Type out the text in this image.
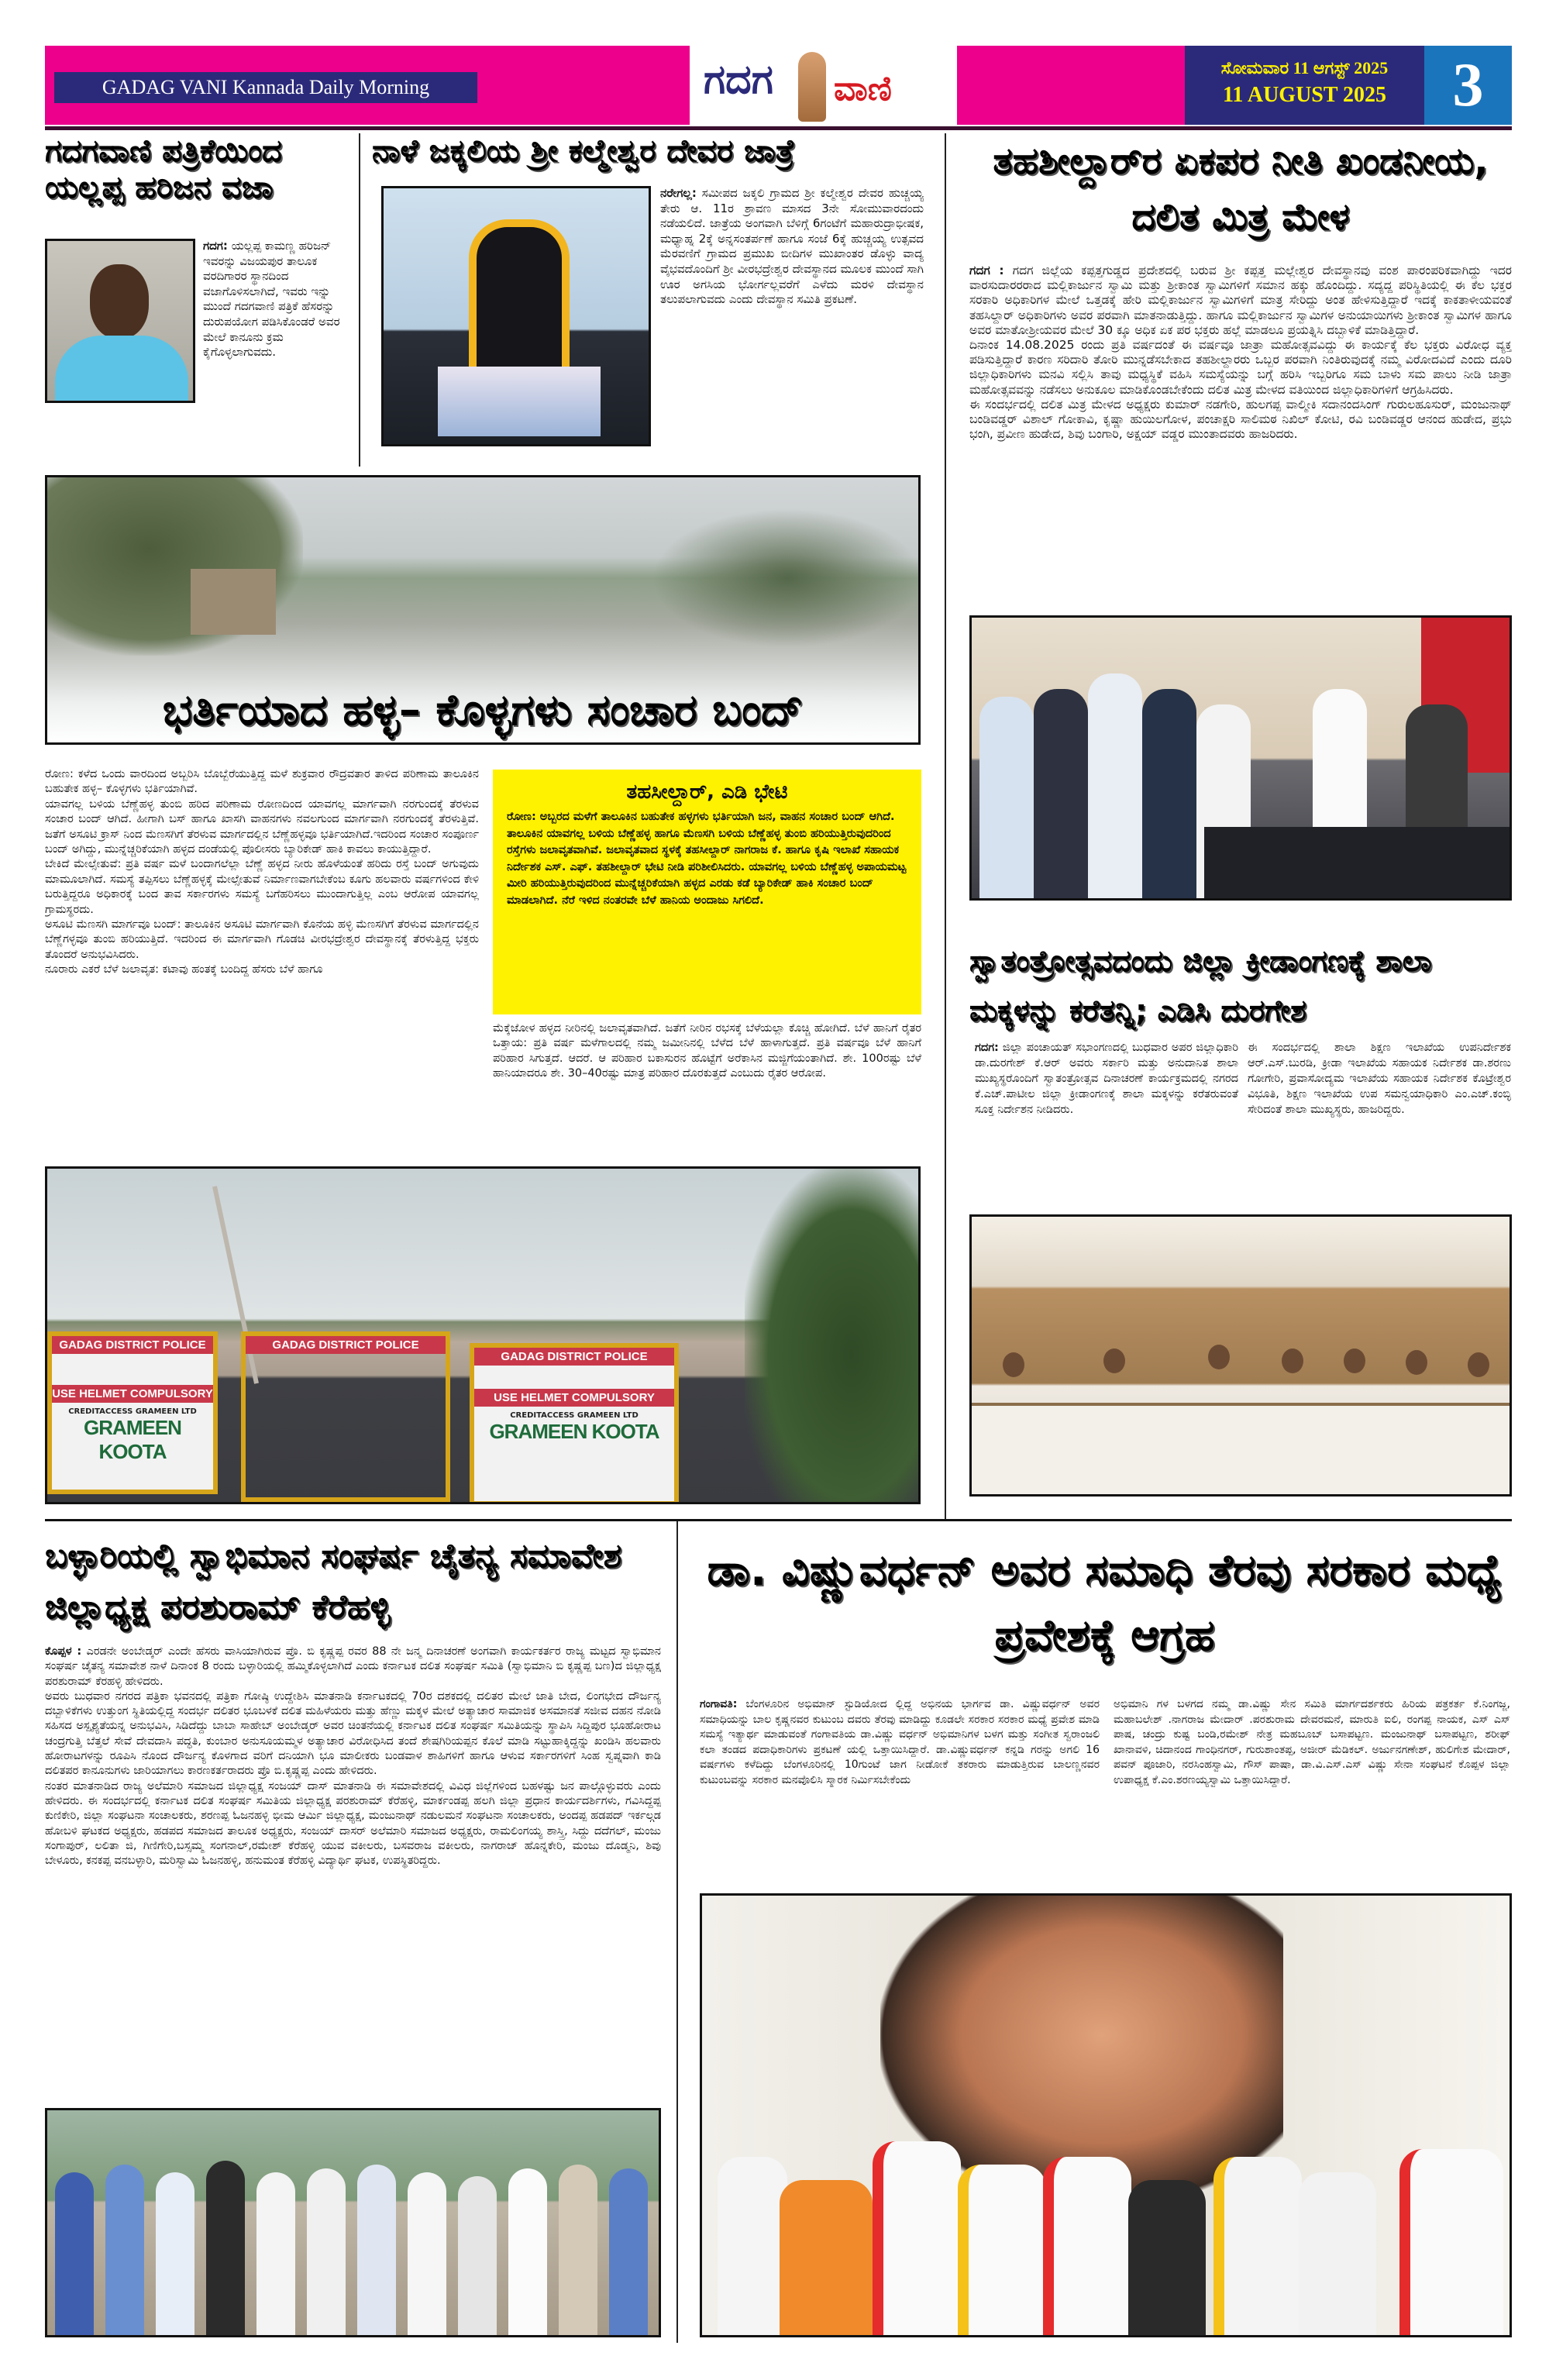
GADAG VANI Kannada Daily Morning	ಗದಗ ವಾಣಿ
ಸೋಮವಾರ 11 ಆಗಸ್ಟ್ 2025
11 AUGUST 2025	3
ಗದಗವಾಣಿ ಪತ್ರಿಕೆಯಿಂದ ಯಲ್ಲಪ್ಪ ಹರಿಜನ ವಜಾ

ಗದಗ: ಯಲ್ಲಪ್ಪ ಕಾಮಣ್ಣ ಹರಿಜನ್ ಇವರನ್ನು ವಿಜಯಪುರ ತಾಲೂಕ ವರದಿಗಾರರ ಸ್ಥಾನದಿಂದ ವಜಾಗೊಳಿಸಲಾಗಿದೆ, ಇವರು ಇನ್ನು ಮುಂದೆ ಗದಗವಾಣಿ ಪತ್ರಿಕೆ ಹೆಸರನ್ನು ದುರುಪಯೋಗ ಪಡಿಸಿಕೊಂಡರೆ ಅವರ ಮೇಲೆ ಕಾನೂನು ಕ್ರಮ ಕೈಗೊಳ್ಳಲಾಗುವದು.

ನಾಳೆ ಜಕ್ಕಲಿಯ ಶ್ರೀ ಕಲ್ಮೇಶ್ವರ ದೇವರ ಜಾತ್ರೆ

ನರೇಗಲ್ಲ: ಸಮೀಪದ ಜಕ್ಕಲಿ ಗ್ರಾಮದ ಶ್ರೀ ಕಲ್ಮೇಶ್ವರ ದೇವರ ಹುಚ್ಚಯ್ಯ ತೇರು ಆ. 11ರ ಶ್ರಾವಣ ಮಾಸದ 3ನೇ ಸೋಮುವಾರದಂದು ನಡೆಯಲಿದೆ. ಜಾತ್ರೆಯ ಅಂಗವಾಗಿ ಬೆಳಿಗ್ಗೆ 6ಗಂಟೆಗೆ ಮಹಾರುದ್ರಾಭೀಷಕ, ಮಧ್ಯಾಹ್ನ 2ಕ್ಕೆ ಅನ್ನಸಂತರ್ಪಣೆ ಹಾಗೂ ಸಂಜೆ 6ಕ್ಕೆ ಹುಚ್ಚಯ್ಯ ಉತ್ಸವದ ಮೆರವಣಿಗೆ ಗ್ರಾಮದ ಪ್ರಮುಖ ಬೀದಿಗಳ ಮುಖಾಂತರ ಡೊಳ್ಳು ವಾದ್ಯ ವೈಭವದೊಂದಿಗೆ ಶ್ರೀ ವೀರಭದ್ರೇಶ್ವರ ದೇವಸ್ಥಾನದ ಮೂಲಕ ಮುಂದೆ ಸಾಗಿ ಊರ ಅಗಸಿಯ ಭೋರ್ಗಲ್ಲವರೆಗೆ ಎಳೆದು ಮರಳಿ ದೇವಸ್ಥಾನ ತಲುಪಲಾಗುವದು ಎಂದು ದೇವಸ್ಥಾನ ಸಮಿತಿ ಪ್ರಕಟಣೆ.

ತಹಶೀಲ್ದಾರ್‌ರ ಏಕಪರ ನೀತಿ ಖಂಡನೀಯ, ದಲಿತ ಮಿತ್ರ ಮೇಳ

ಗದಗ : ಗದಗ ಜಿಲ್ಲೆಯ ಕಪ್ಪತ್ತಗುಡ್ಡದ ಪ್ರದೇಶದಲ್ಲಿ ಬರುವ ಶ್ರೀ ಕಪ್ಪತ್ತ ಮಲ್ಲೇಶ್ವರ ದೇವಸ್ಥಾನವು ವಂಶ ಪಾರಂಪರಿಕವಾಗಿದ್ದು ಇದರ ವಾರಸುದಾರರರಾದ ಮಲ್ಲಿಕಾರ್ಜುನ ಸ್ವಾಮಿ ಮತ್ತು ಶ್ರೀಕಾಂತ ಸ್ವಾಮಿಗಳಿಗೆ ಸಮಾನ ಹಕ್ಕು ಹೊಂದಿದ್ದು. ಸದ್ಯದ್ದ ಪರಿಸ್ಥಿತಿಯಲ್ಲಿ ಈ ಕೆಲ ಭಕ್ತರ ಸರಕಾರಿ ಅಧಿಕಾರಿಗಳ ಮೇಲೆ ಒತ್ತಡಕ್ಕೆ ಹೇರಿ ಮಲ್ಲಿಕಾರ್ಜುನ ಸ್ವಾಮಿಗಳಿಗೆ ಮಾತ್ರ ಸೇರಿದ್ದು ಅಂತ ಹೇಳಿಸುತ್ತಿದ್ದಾರೆ ಇದಕ್ಕೆ ಕಾಕತಾಳೀಯವಂತೆ ತಹಸಿಲ್ದಾರ್ ಅಧಿಕಾರಿಗಳು ಅವರ ಪರವಾಗಿ ಮಾತನಾಡುತ್ತಿದ್ದು. ಹಾಗೂ ಮಲ್ಲಿಕಾರ್ಜುನ ಸ್ವಾಮಿಗಳ ಅನುಯಾಯಿಗಳು ಶ್ರೀಕಾಂತ ಸ್ವಾಮಿಗಳ ಹಾಗೂ ಅವರ ಮಾತೋಶ್ರೀಯವರ ಮೇಲೆ 30 ಕ್ಕೂ ಅಧಿಕ ಏಕ ಪರ ಭಕ್ತರು ಹಲ್ಲೆ ಮಾಡಲೂ ಪ್ರಯತ್ನಿಸಿ ದಬ್ಬಾಳಿಕೆ ಮಾಡಿತ್ತಿದ್ದಾರೆ.

ದಿನಾಂಕ 14.08.2025 ರಂದು ಪ್ರತಿ ವರ್ಷದಂತೆ ಈ ವರ್ಷವೂ ಜಾತ್ರಾ ಮಹೋತ್ಸವವಿದ್ದು ಈ ಕಾರ್ಯಕ್ಕೆ ಕೆಲ ಭಕ್ತರು ವಿರೋಧ ವ್ಯಕ್ತ ಪಡಿಸುತ್ತಿದ್ದಾರೆ ಕಾರಣ ಸರಿದಾರಿ ತೋರಿ ಮುನ್ನಡೆಸಬೇಕಾದ ತಹಶೀಲ್ದಾರರು ಒಬ್ಬರ ಪರವಾಗಿ ನಿಂತಿರುವುದಕ್ಕೆ ನಮ್ಮ ವಿರೋದವಿದೆ ಎಂದು ದೂರಿ ಜಿಲ್ಲಾಧಿಕಾರಿಗಳು ಮನವಿ ಸಲ್ಲಿಸಿ ತಾವು ಮಧ್ಯಸ್ಥಿಕೆ ವಹಿಸಿ ಸಮಸ್ಯೆಯನ್ನು ಬಗ್ಗೆ ಹರಿಸಿ ಇಬ್ಬರಿಗೂ ಸಮ ಬಾಳು ಸಮ ಪಾಲು ನೀಡಿ ಜಾತ್ರಾ ಮಹೋತ್ಸವವನ್ನು ನಡೆಸಲು ಅನುಕೂಲ ಮಾಡಿಕೊಂಡಬೇಕೆಂದು ದಲಿತ ಮಿತ್ರ ಮೇಳದ ವತಿಯಿಂದ ಜಿಲ್ಲಾಧಿಕಾರಿಗಳಿಗೆ ಆಗ್ರಹಿಸಿದರು.

ಈ ಸಂದರ್ಭದಲ್ಲಿ ದಲಿತ ಮಿತ್ರ ಮೇಳದ ಅಧ್ಯಕ್ಷರು ಕುಮಾರ್ ನಡಗೇರಿ, ಹುಲಗಪ್ಪ ವಾಲ್ಮೀಕಿ ಸದಾನಂದಸಿಂಗ್ ಗುರುಲಹೂಸುರ್, ಮಂಜುನಾಥ್ ಬಂಡಿವಡ್ಡರ್ ವಿಶಾಲ್ ಗೋಕಾವಿ, ಕೃಷ್ಣಾ ಹುಯಿಲಗೋಳ, ಪಂಚಾಕ್ಷರಿ ಸಾಲಿಮಠ ನಿಖಿಲ್ ಕೋಟಿ, ರವಿ ಬಂಡಿವಡ್ಡರ ಆನಂದ ಹುಡೇದ, ಪ್ರಭು ಭಂಗಿ, ಪ್ರವೀಣ ಹುಡೇದ, ಶಿವು ಬಂಗಾರಿ, ಅಕ್ಷಯ್ ವಡ್ಡರ ಮುಂತಾದವರು ಹಾಜರಿದರು.

ಭರ್ತಿಯಾದ ಹಳ್ಳ– ಕೊಳ್ಳಗಳು ಸಂಚಾರ ಬಂದ್

ರೋಣ: ಕಳೆದ ಒಂದು ವಾರದಿಂದ ಅಬ್ಬರಿಸಿ ಬೊಬ್ಬೆರೆಯುತ್ತಿದ್ದ ಮಳೆ ಶುಕ್ರವಾರ ರೌದ್ರವತಾರ ತಾಳಿದ ಪರಿಣಾಮ ತಾಲೂಕಿನ ಬಹುತೇಕ ಹಳ್ಳ– ಕೊಳ್ಳಗಳು ಭರ್ತಿಯಾಗಿವೆ.

ಯಾವಗಲ್ಲ ಬಳಿಯ ಬೆಣ್ಣೆಹಳ್ಳ ತುಂಬಿ ಹರಿದ ಪರಿಣಾಮ ರೋಣದಿಂದ ಯಾವಗಲ್ಲ ಮಾರ್ಗವಾಗಿ ನರಗುಂದಕ್ಕೆ ತೆರಳುವ ಸಂಚಾರ ಬಂದ್ ಆಗಿದೆ. ಹೀಗಾಗಿ ಬಸ್ ಹಾಗೂ ಖಾಸಗಿ ವಾಹನಗಳು ನವಲಗುಂದ ಮಾರ್ಗವಾಗಿ ನರಗುಂದಕ್ಕೆ ತೆರಳುತ್ತಿವೆ. ಜತೆಗೆ ಅಸೂಟಿ ಕ್ರಾಸ್ ನಿಂದ ಮೆಣಸಗಿಗೆ ತೆರಳುವ ಮಾರ್ಗದಲ್ಲಿನ ಬೆಣ್ಣೆಹಳ್ಳವೂ ಭರ್ತಿಯಾಗಿದೆ.ಇದರಿಂದ ಸಂಚಾರ ಸಂಪೂರ್ಣ ಬಂದ್ ಅಗಿದ್ದು, ಮುನ್ನೆಚ್ಚರಿಕೆಯಾಗಿ ಹಳ್ಳದ ದಂಡೆಯಲ್ಲಿ ಪೊಲೀಸರು ಬ್ಯಾರಿಕೇಡ್ ಹಾಕಿ ಕಾವಲು ಕಾಯುತ್ತಿದ್ದಾರೆ.

ಬೇಕಿದೆ ಮೇಲ್ಸೇತುವೆ: ಪ್ರತಿ ವರ್ಷ ಮಳೆ ಬಂದಾಗಲೆಲ್ಲಾ ಬೆಣ್ಣೆ ಹಳ್ಳದ ನೀರು ಹೊಳೆಯಂತೆ ಹರಿದು ರಸ್ತೆ ಬಂದ್ ಅಗುವುದು ಮಾಮೂಲಾಗಿದೆ. ಸಮಸ್ಯೆ ತಪ್ಪಿಸಲು ಬೆಣ್ಣೆಹಳ್ಳಕ್ಕೆ ಮೇಲ್ಸೇತುವೆ ನಿರ್ಮಾಣವಾಗಬೇಕೆಂಬ ಕೂಗು ಹಲವಾರು ವರ್ಷಗಳಿಂದ ಕೇಳಿ ಬರುತ್ತಿದ್ದರೂ ಅಧಿಕಾರಕ್ಕೆ ಬಂದ ತಾವ ಸರ್ಕಾರಗಳು ಸಮಸ್ಯೆ ಬಗೆಹರಿಸಲು ಮುಂದಾಗುತ್ತಿಲ್ಲ ಎಂಬ ಆರೋಪ ಯಾವಗಲ್ಲ ಗ್ರಾಮಸ್ಥರದು.

ಅಸೂಟಿ ಮೆಣಸಗಿ ಮಾರ್ಗವೂ ಬಂದ್: ತಾಲೂಕಿನ ಅಸೂಟಿ ಮಾರ್ಗವಾಗಿ ಕೊನೆಯ ಹಳ್ಳಿ ಮೆಣಸಗಿಗೆ ತೆರಳುವ ಮಾರ್ಗದಲ್ಲಿನ ಬೆಣ್ಣೆಗಳ್ಳವೂ ತುಂಬಿ ಹರಿಯುತ್ತಿದೆ. ಇದರಿಂದ ಈ ಮಾರ್ಗವಾಗಿ ಗೊಡಚಿ ವೀರಭದ್ರೇಶ್ವರ ದೇವಸ್ಥಾನಕ್ಕೆ ತೆರಳುತ್ತಿದ್ದ ಭಕ್ತರು ತೊಂದರೆ ಅನುಭವಿಸಿದರು.

ನೂರಾರು ಎಕರೆ ಬೆಳೆ ಜಲಾವೃತ: ಕಟಾವು ಹಂತಕ್ಕೆ ಬಂದಿದ್ದ ಹೆಸರು ಬೆಳೆ ಹಾಗೂ

ತಹಸೀಲ್ದಾರ್, ಎಡಿ ಭೇಟಿ
ರೋಣ: ಅಬ್ಬರದ ಮಳೆಗೆ ತಾಲೂಕಿನ ಬಹುತೇಕ ಹಳ್ಳಗಳು ಭರ್ತಿಯಾಗಿ ಜನ, ವಾಹನ ಸಂಚಾರ ಬಂದ್ ಆಗಿದೆ. ತಾಲೂಕಿನ ಯಾವಗಲ್ಲ ಬಳಿಯ ಬೆಣ್ಣೆಹಳ್ಳ ಹಾಗೂ ಮೆಣಸಗಿ ಬಳಿಯ ಬೆಣ್ಣೆಹಳ್ಳ ತುಂಬಿ ಹರಿಯುತ್ತಿರುವುದರಿಂದ ರಸ್ತೆಗಳು ಜಲಾವೃತವಾಗಿವೆ. ಜಲಾವೃತವಾದ ಸ್ಥಳಕ್ಕೆ ತಹಸೀಲ್ದಾರ್ ನಾಗರಾಜ ಕೆ. ಹಾಗೂ ಕೃಷಿ ಇಲಾಖೆ ಸಹಾಯಕ ನಿರ್ದೇಶಕ ಎಸ್. ಎಫ್. ತಹಶೀಲ್ದಾರ್ ಭೇಟಿ ನೀಡಿ ಪರಿಶೀಲಿಸಿದರು. ಯಾವಗಲ್ಲ ಬಳಿಯ ಬೆಣ್ಣೆಹಳ್ಳ ಅಪಾಯಮಟ್ಟ ಮೀರಿ ಹರಿಯುತ್ತಿರುವುದರಿಂದ ಮುನ್ನೆಚ್ಚರಿಕೆಯಾಗಿ ಹಳ್ಳದ ಎರಡು ಕಡೆ ಬ್ಯಾರಿಕೇಡ್ ಹಾಕಿ ಸಂಚಾರ ಬಂದ್ ಮಾಡಲಾಗಿದೆ. ನೆರೆ ಇಳಿದ ನಂತರವೇ ಬೆಳೆ ಹಾನಿಯ ಅಂದಾಜು ಸಿಗಲಿದೆ.
ಮೆಕ್ಕೆಜೋಳ ಹಳ್ಳದ ನೀರಿನಲ್ಲಿ ಜಲಾವೃತವಾಗಿದೆ. ಜತೆಗೆ ನೀರಿನ ರಭಸಕ್ಕೆ ಬೆಳೆಯಲ್ಲಾ ಕೊಚ್ಚಿ ಹೋಗಿದೆ. ಬೆಳೆ ಹಾನಿಗೆ ರೈತರ ಒತ್ತಾಯ: ಪ್ರತಿ ವರ್ಷ ಮಳೆಗಾಲದಲ್ಲಿ ನಮ್ಮ ಜಮೀನಿನಲ್ಲಿ ಬೆಳೆದ ಬೆಳೆ ಹಾಳಾಗುತ್ತದೆ. ಪ್ರತಿ ವರ್ಷವೂ ಬೆಳೆ ಹಾನಿಗೆ ಪರಿಹಾರ ಸಿಗುತ್ತದೆ. ಆದರೆ. ಆ ಪರಿಹಾರ ಬಕಾಸುರನ ಹೊಟ್ಟೆಗೆ ಅರೆಕಾಸಿನ ಮಜ್ಜಿಗೆಯಂತಾಗಿದೆ. ಶೇ. 100ರಷ್ಟು ಬೆಳೆ ಹಾನಿಯಾದರೂ ಶೇ. 30–40ರಷ್ಟು ಮಾತ್ರ ಪರಿಹಾರ ದೊರಕುತ್ತದೆ ಎಂಬುದು ರೈತರ ಆರೋಪ.
GADAG DISTRICT POLICE
USE HELMET COMPULSORY
CREDITACCESS GRAMEEN LTD
GRAMEEN KOOTA
GADAG DISTRICT POLICE
GADAG DISTRICT POLICE
USE HELMET COMPULSORY
CREDITACCESS GRAMEEN LTD
GRAMEEN KOOTA
ಸ್ವಾತಂತ್ರೋತ್ಸವದಂದು ಜಿಲ್ಲಾ ಕ್ರೀಡಾಂಗಣಕ್ಕೆ ಶಾಲಾ ಮಕ್ಕಳನ್ನು ಕರೆತನ್ನಿ; ಎಡಿಸಿ ದುರಗೇಶ

ಗದಗ: ಜಿಲ್ಲಾ ಪಂಚಾಯತ್ ಸಭಾಂಗಣದಲ್ಲಿ ಬುಧವಾರ ಅಪರ ಜಿಲ್ಲಾಧಿಕಾರಿ ಡಾ.ದುರಗೇಶ್ ಕೆ.ಆರ್ ಅವರು ಸರ್ಕಾರಿ ಮತ್ತು ಅನುದಾನಿತ ಶಾಲಾ ಮುಖ್ಯಸ್ಥರೊಂದಿಗೆ ಸ್ವಾತಂತ್ರೋತ್ಸವ ದಿನಾಚರಣೆ ಕಾರ್ಯಕ್ರಮದಲ್ಲಿ ನಗರದ ಕೆ.ಎಚ್.ಪಾಟೀಲ ಜಿಲ್ಲಾ ಕ್ರೀಡಾಂಗಣಕ್ಕೆ ಶಾಲಾ ಮಕ್ಕಳನ್ನು ಕರೆತರುವಂತೆ ಸೂಕ್ತ ನಿರ್ದೇಶನ ನೀಡಿದರು.

ಈ ಸಂದರ್ಭದಲ್ಲಿ ಶಾಲಾ ಶಿಕ್ಷಣ ಇಲಾಖೆಯ ಉಪನಿರ್ದೇಶಕ ಆರ್.ಎಸ್.ಬುರಡಿ, ಕ್ರೀಡಾ ಇಲಾಖೆಯ ಸಹಾಯಕ ನಿರ್ದೇಶಕ ಡಾ.ಶರಣು ಗೋಗೇರಿ, ಪ್ರವಾಸೋದ್ಯಮ ಇಲಾಖೆಯ ಸಹಾಯಕ ನಿರ್ದೇಶಕ ಕೊಟ್ರೇಶ್ವರ ವಿಭೂತಿ, ಶಿಕ್ಷಣ ಇಲಾಖೆಯ ಉಪ ಸಮನ್ವಯಾಧಿಕಾರಿ ಎಂ.ಎಚ್.ಕಂಬ್ಳಿ ಸೇರಿದಂತೆ ಶಾಲಾ ಮುಖ್ಯಸ್ಥರು, ಹಾಜರಿದ್ದರು.
ಬಳ್ಳಾರಿಯಲ್ಲಿ ಸ್ವಾಭಿಮಾನ ಸಂಘರ್ಷ ಚೈತನ್ಯ ಸಮಾವೇಶ ಜಿಲ್ಲಾಧ್ಯಕ್ಷ ಪರಶುರಾಮ್ ಕೆರೆಹಳ್ಳಿ

ಕೊಪ್ಪಳ : ಎರಡನೇ ಅಂಬೇಡ್ಕರ್ ಎಂದೇ ಹೆಸರು ವಾಸಿಯಾಗಿರುವ ಪ್ರೊ. ಬಿ ಕೃಷ್ಣಪ್ಪ ರವರ 88 ನೇ ಜನ್ಮ ದಿನಾಚರಣೆ ಅಂಗವಾಗಿ ಕಾರ್ಯಕರ್ತರ ರಾಜ್ಯ ಮಟ್ಟದ ಸ್ವಾಭಿಮಾನ ಸಂಘರ್ಷ ಚೈತನ್ಯ ಸಮಾವೇಶ ನಾಳೆ ದಿನಾಂಕ 8 ರಂದು ಬಳ್ಳಾರಿಯಲ್ಲಿ ಹಮ್ಮಿಕೊಳ್ಳಲಾಗಿದೆ ಎಂದು ಕರ್ನಾಟಕ ದಲಿತ ಸಂಘರ್ಷ ಸಮಿತಿ (ಸ್ವಾಭಿಮಾನಿ ಬಿ ಕೃಷ್ಣಪ್ಪ ಬಣ)ದ ಜಿಲ್ಲಾಧ್ಯಕ್ಷ ಪರಶುರಾಮ್ ಕೆರಹಳ್ಳಿ ಹೇಳಿದರು.

ಅವರು ಬುಧವಾರ ನಗರದ ಪತ್ರಿಕಾ ಭವನದಲ್ಲಿ ಪತ್ರಿಕಾ ಗೋಷ್ಠಿ ಉದ್ದೇಶಿಸಿ ಮಾತನಾಡಿ ಕರ್ನಾಟಕದಲ್ಲಿ 70ರ ದಶಕದಲ್ಲಿ ದಲಿತರ ಮೇಲೆ ಜಾತಿ ಬೇದ, ಲಿಂಗಭೇದ ದೌರ್ಜನ್ಯ ದಬ್ಬಾಳಿಕೆಗಳು ಉತ್ತುಂಗ ಸ್ಥಿತಿಯಲ್ಲಿದ್ದ ಸಂದರ್ಭ ದಲಿತರ ಭೂಬಳಕೆ ದಲಿತ ಮಹಿಳೆಯರು ಮತ್ತು ಹೆಣ್ಣು ಮಕ್ಕಳ ಮೇಲೆ ಅತ್ಯಾಚಾರ ಸಾಮಾಜಿಕ ಅಸಮಾನತೆ ಸಜೀವ ದಹನ ನೋಡಿ ಸಹಿಸದ ಅಸ್ಪೃಶ್ಯತೆಯನ್ನ ಅನುಭವಿಸಿ, ಸಿಡಿದೆದ್ದು ಬಾಬಾ ಸಾಹೇಬ್ ಅಂಬೇಡ್ಕರ್ ಅವರ ಚಿಂತನೆಯಲ್ಲಿ ಕರ್ನಾಟಕ ದಲಿತ ಸಂಘರ್ಷ ಸಮಿತಿಯನ್ನು ಸ್ಥಾಪಿಸಿ ಸಿದ್ದಿಪುರ ಭೂಹೋರಾಟ ಚಂದ್ರಗುತ್ತಿ ಬೆತ್ತಲೆ ಸೇವೆ ದೇವದಾಸಿ ಪದ್ಧತಿ, ಕುಂಬಾರ ಅನುಸೂಯಮ್ಮಳ ಅತ್ಯಾಚಾರ ವಿರೋಧಿಸಿದ ತಂದೆ ಶೇಷಗಿರಿಯಪ್ಪನ ಕೊಲೆ ಮಾಡಿ ಸಟ್ಟುಹಾಕ್ಕಿದ್ದನ್ನು ಖಂಡಿಸಿ ಹಲವಾರು ಹೋರಾಟಗಳನ್ನು ರೂಪಿಸಿ ನೊಂದ ದೌರ್ಜನ್ಯ ಕೊಳಗಾದ ವರಿಗೆ ದನಿಯಾಗಿ ಭೂ ಮಾಲೀಕರು ಬಂಡವಾಳ ಶಾಹಿಗಳಿಗೆ ಹಾಗೂ ಆಳುವ ಸರ್ಕಾರಗಳಿಗೆ ಸಿಂಹ ಸ್ವಪ್ನವಾಗಿ ಕಾಡಿ ದಲಿತಪರ ಕಾನೂನುಗಳು ಜಾರಿಯಾಗಲು ಕಾರಣಕರ್ತರಾದರು ಪ್ರೊ ಬಿ.ಕೃಷ್ಣಪ್ಪ ಎಂದು ಹೇಳಿದರು.

ನಂತರ ಮಾತನಾಡಿದ ರಾಜ್ಯ ಅಲೆಮಾರಿ ಸಮಾಜದ ಜಿಲ್ಲಾಧ್ಯಕ್ಷ ಸಂಜಯ್ ದಾಸ್ ಮಾತನಾಡಿ ಈ ಸಮಾವೇಶದಲ್ಲಿ ವಿವಿಧ ಜಿಲ್ಲೆಗಳಿಂದ ಬಹಳಷ್ಟು ಜನ ಪಾಲ್ಗೊಳ್ಳುವರು ಎಂದು ಹೇಳಿದರು. ಈ ಸಂದರ್ಭದಲ್ಲಿ ಕರ್ನಾಟಕ ದಲಿತ ಸಂಘರ್ಷ ಸಮಿತಿಯ ಜಿಲ್ಲಾಧ್ಯಕ್ಷ ಪರಶುರಾಮ್ ಕೆರೆಹಳ್ಳಿ, ಮಾರ್ಕಂಡಪ್ಪ ಹಲಗಿ ಜಿಲ್ಲಾ ಪ್ರಧಾನ ಕಾರ್ಯದರ್ಶಿಗಳು, ಗವಿಸಿದ್ದಪ್ಪ ಕುಣಿಕೇರಿ, ಜಿಲ್ಲಾ ಸಂಘಟನಾ ಸಂಚಾಲಕರು, ಶರಣಪ್ಪ ಓಜನಹಳ್ಳಿ ಭೀಮ ಆರ್ಮಿ ಜಿಲ್ಲಾಧ್ಯಕ್ಷ, ಮಂಜುನಾಥ್ ನಡುಲಮನೆ ಸಂಘಟನಾ ಸಂಚಾಲಕರು, ಅಂದಪ್ಪ ಹಡಪದ್ ಇರ್ಕಲ್ಗಡ ಹೋಬಳಿ ಘಟಕದ ಅಧ್ಯಕ್ಷರು, ಹಡಪದ ಸಮಾಜದ ತಾಲೂಕ ಅಧ್ಯಕ್ಷರು, ಸಂಜಯ್ ದಾಸರ್ ಅಲೆಮಾರಿ ಸಮಾಜದ ಅಧ್ಯಕ್ಷರು, ರಾಮಲಿಂಗಯ್ಯ ಶಾಸ್ತ್ರಿ, ಸಿದ್ದು ದದೆಗಲ್, ಮಂಜು ಸಂಗಾಪುರ್, ಲಲಿತಾ ಜಿ, ಗಿಣಿಗೇರಿ,ಬಸ್ಸಮ್ಮ ಸಂಗನಾಲ್,ರಮೇಶ್ ಕೆರೆಹಳ್ಳಿ ಯುವ ವಕೀಲರು, ಬಸವರಾಜ ವಕೀಲರು, ನಾಗರಾಜ್ ಹೊನ್ನಕೇರಿ, ಮಂಜು ದೊಡ್ಮನಿ, ಶಿವು ಬೇಳೂರು, ಕನಕಪ್ಪ ವನಬಳ್ಳಾರಿ, ಮರಿಸ್ವಾಮಿ ಓಜನಹಳ್ಳಿ, ಹನುಮಂತ ಕೆರೆಹಳ್ಳಿ ವಿದ್ಯಾರ್ಥಿ ಘಟಕ, ಉಪಸ್ಥಿತರಿದ್ದರು.

ಡಾ. ವಿಷ್ಣುವರ್ಧನ್ ಅವರ ಸಮಾಧಿ ತೆರವು ಸರಕಾರ ಮಧ್ಯೆ ಪ್ರವೇಶಕ್ಕೆ ಆಗ್ರಹ

ಗಂಗಾವತಿ: ಬೆಂಗಳೂರಿನ ಅಭಿಮಾನ್ ಸ್ಟುಡಿಯೋದ ಲ್ಲಿದ್ದ ಅಭಿನಯ ಭಾರ್ಗವ ಡಾ. ವಿಷ್ಣುವರ್ಧನ್ ಅವರ ಸಮಾಧಿಯನ್ನು ಬಾಲ ಕೃಷ್ಣನವರ ಕುಟುಂಬ ದವರು ತೆರವು ಮಾಡಿದ್ದು ಕೂಡಲೇ ಸರಕಾರ ಸರಕಾರ ಮಧ್ಯೆ ಪ್ರವೇಶ ಮಾಡಿ ಸಮಸ್ಯೆ ಇತ್ಯಾರ್ಥ ಮಾಡುವಂತೆ ಗಂಗಾವತಿಯ ಡಾ.ವಿಷ್ಣು ವರ್ಧನ್ ಅಭಿಮಾನಿಗಳ ಬಳಗ ಮತ್ತು ಸಂಗೀತ ಸ್ವರಾಂಜಲಿ ಕಲಾ ತಂಡದ ಪದಾಧಿಕಾರಿಗಳು ಪ್ರಕಟಣೆ ಯಲ್ಲಿ ಒತ್ತಾಯಿಸಿದ್ದಾರೆ. ಡಾ.ವಿಷ್ಣುವರ್ಧನ್ ಕನ್ನಡಿ ಗರನ್ನು ಅಗಲಿ 16 ವರ್ಷಗಳು ಕಳೆದಿದ್ದು ಬೆಂಗಳೂರಿನಲ್ಲಿ 10ಗುಂಟೆ ಜಾಗ ನೀಡೋಕೆ ತಕರಾರು ಮಾಡುತ್ತಿರುವ ಬಾಲಣ್ಣನವರ ಕುಟುಂಬವನ್ನು ಸರಕಾರ ಮನವೊಲಿಸಿ ಸ್ಮಾರಕ ನಿರ್ಮಿಸಬೇಕೆಂದು

ಅಭಿಮಾನಿ ಗಳ ಬಳಗದ ನಮ್ಮ ಡಾ.ವಿಷ್ಣು ಸೇನ ಸಮಿತಿ ಮಾರ್ಗದರ್ಶಕರು ಹಿರಿಯ ಪತ್ರಕರ್ತ ಕೆ.ನಿಂಗಜ್ಜ, ಮಹಾಬಲೇಶ್ .ನಾಗರಾಜ ಮೇದಾರ್ .ಪರಶುರಾಮ ದೇವರಮನೆ, ಮಾರುತಿ ಐಲಿ, ರಂಗಪ್ಪ ನಾಯಕ, ಎಸ್ ಎಸ್ ಪಾಷ, ಚಂದ್ರು ಕುಷ್ಟ ಬಂಡಿ,ರಮೇಶ್ ನೇತ್ರ ಮಹಬೂಬ್ ಬಸಾಪಟ್ಟಣ. ಮಂಜುನಾಥ್ ಬಸಾಪಟ್ಟಣ, ಶರೀಫ್ ಖಾನಾವಳಿ, ಚಿದಾನಂದ ಗಾಂಧಿನಗರ್, ಗುರುಶಾಂತಪ್ಪ, ಅಜೀರ್ ಮೆಡಿಕಲ್. ಅರ್ಜುನಗಣೇಶ್, ಹುಲಿಗೇಶ ಮೇದಾರ್, ಪವನ್ ಪೂಜಾರಿ, ನರಸಿಂಹಸ್ವಾಮಿ, ಗೌಸ್ ಪಾಷಾ, ಡಾ.ವಿ.ಎಸ್.ಎಸ್ ವಿಷ್ಣು ಸೇನಾ ಸಂಘಟನೆ ಕೊಪ್ಪಳ ಜಿಲ್ಲಾ ಉಪಾಧ್ಯಕ್ಷ ಕೆ.ಎಂ.ಶರಣಯ್ಯಸ್ವಾಮಿ ಒತ್ತಾಯಿಸಿದ್ದಾರೆ.
